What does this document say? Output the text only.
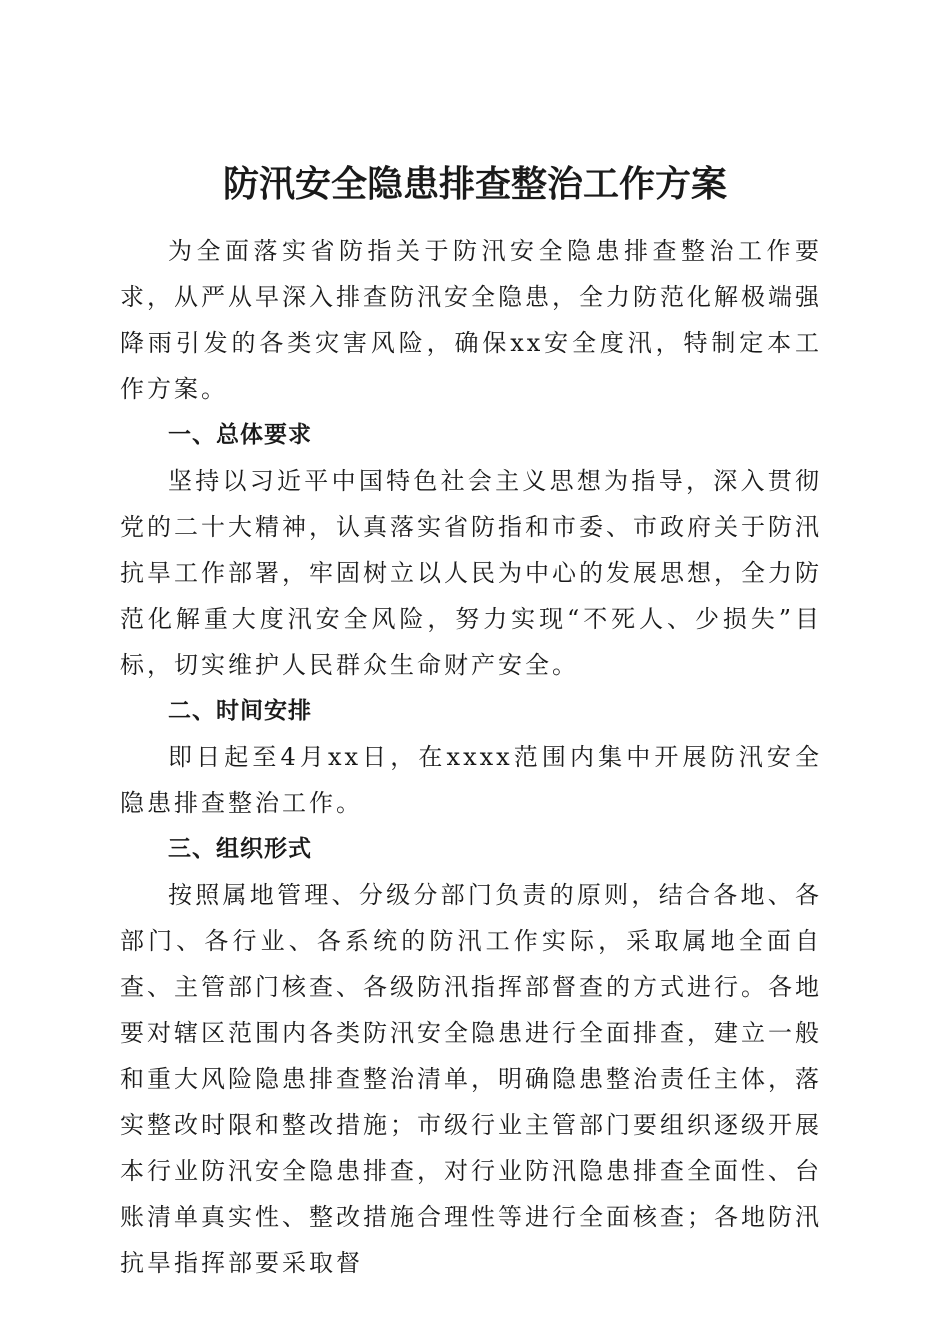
防汛安全隐患排查整治工作方案

为全面落实省防指关于防汛安全隐患排查整治工作要求，从严从早深入排查防汛安全隐患，全力防范化解极端强降雨引发的各类灾害风险，确保xx安全度汛，特制定本工作方案。

一、总体要求

坚持以习近平中国特色社会主义思想为指导，深入贯彻党的二十大精神，认真落实省防指和市委、市政府关于防汛抗旱工作部署，牢固树立以人民为中心的发展思想，全力防范化解重大度汛安全风险，努力实现“不死人、少损失”目标，切实维护人民群众生命财产安全。

二、时间安排

即日起至4月xx日，在xxxx范围内集中开展防汛安全隐患排查整治工作。

三、组织形式

按照属地管理、分级分部门负责的原则，结合各地、各部门、各行业、各系统的防汛工作实际，采取属地全面自查、主管部门核查、各级防汛指挥部督查的方式进行。各地要对辖区范围内各类防汛安全隐患进行全面排查，建立一般和重大风险隐患排查整治清单，明确隐患整治责任主体，落实整改时限和整改措施；市级行业主管部门要组织逐级开展本行业防汛安全隐患排查，对行业防汛隐患排查全面性、台账清单真实性、整改措施合理性等进行全面核查；各地防汛抗旱指挥部要采取督
